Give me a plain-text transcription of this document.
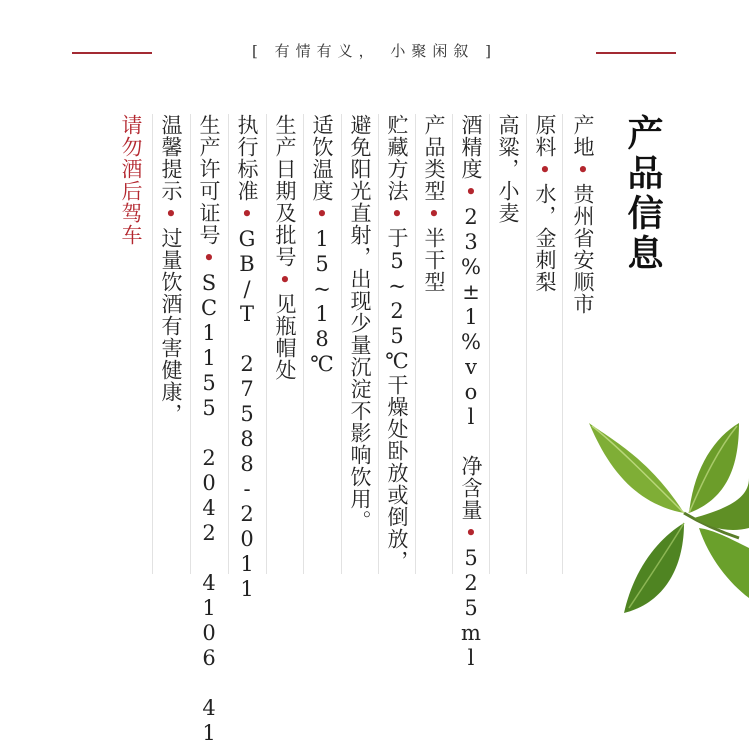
[ 有情有义， 小聚闲叙 ]
产品信息
产地•贵州省安顺市
原料•水，金刺梨
高粱，小麦
酒精度•23%±1%vol 净含量•525ml
产品类型•半干型
贮藏方法•于5~25℃干燥处卧放或倒放，
避免阳光直射，出现少量沉淀不影响饮用。
适饮温度•15~18℃
生产日期及批号•见瓶帽处
执行标准•GB/T 27588-2011
生产许可证号•SC1155 2042 4106 41
温馨提示•过量饮酒有害健康，
请勿酒后驾车
